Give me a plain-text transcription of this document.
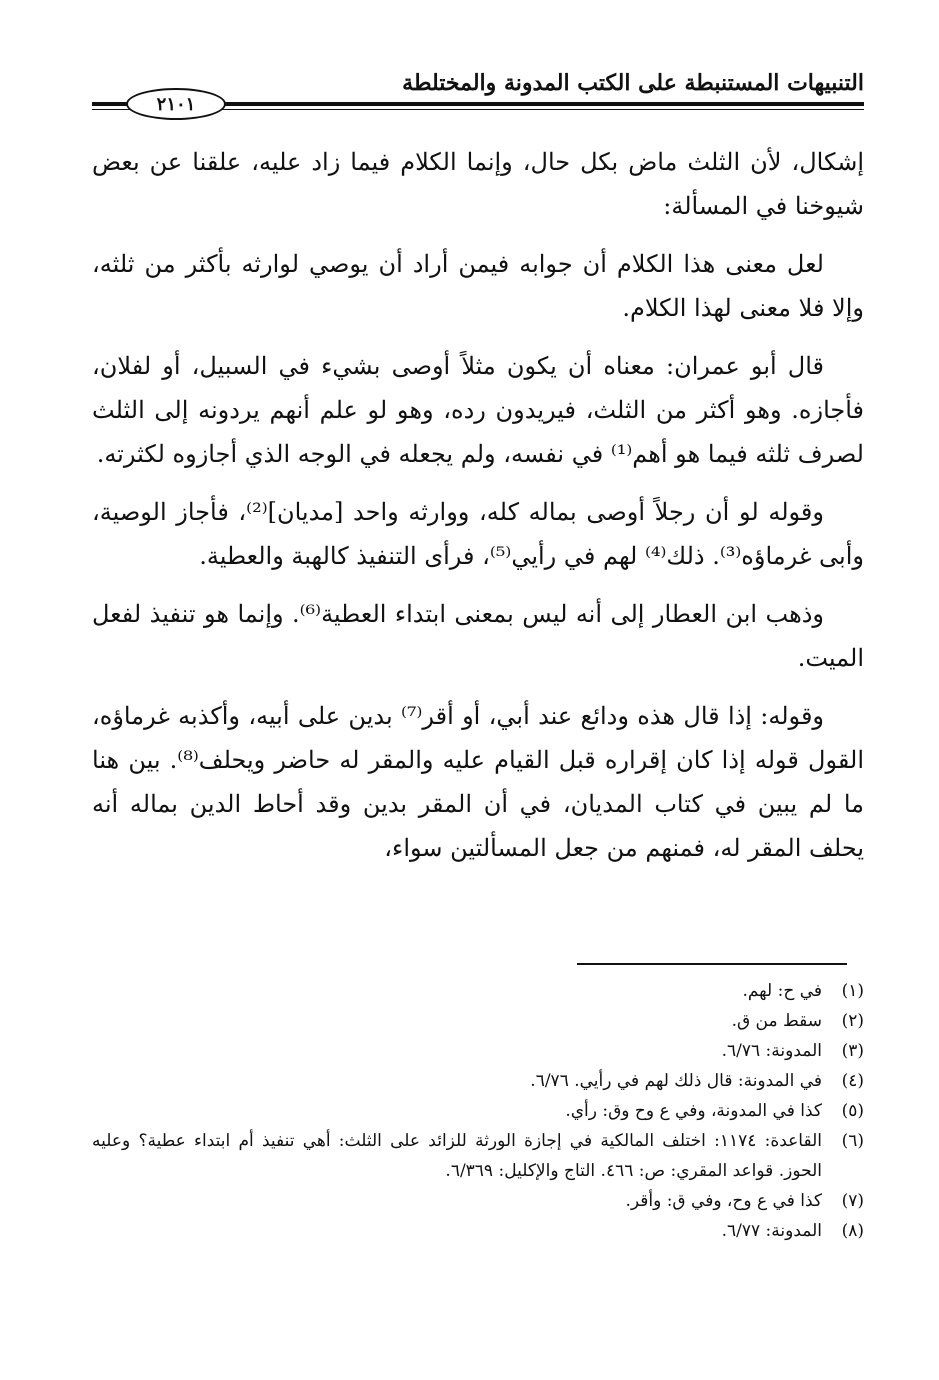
التنبيهات المستنبطة على الكتب المدونة والمختلطة
٢١٠١

إشكال، لأن الثلث ماض بكل حال، وإنما الكلام فيما زاد عليه، علقنا عن بعض شيوخنا في المسألة:

لعل معنى هذا الكلام أن جوابه فيمن أراد أن يوصي لوارثه بأكثر من ثلثه، وإلا فلا معنى لهذا الكلام.

قال أبو عمران: معناه أن يكون مثلاً أوصى بشيء في السبيل، أو لفلان، فأجازه. وهو أكثر من الثلث، فيريدون رده، وهو لو علم أنهم يردونه إلى الثلث لصرف ثلثه فيما هو أهم⁽¹⁾ في نفسه، ولم يجعله في الوجه الذي أجازوه لكثرته.

وقوله لو أن رجلاً أوصى بماله كله، ووارثه واحد [مديان]⁽²⁾، فأجاز الوصية، وأبى غرماؤه⁽³⁾. ذلك⁽⁴⁾ لهم في رأيي⁽⁵⁾، فرأى التنفيذ كالهبة والعطية.

وذهب ابن العطار إلى أنه ليس بمعنى ابتداء العطية⁽⁶⁾. وإنما هو تنفيذ لفعل الميت.

وقوله: إذا قال هذه ودائع عند أبي، أو أقر⁽⁷⁾ بدين على أبيه، وأكذبه غرماؤه، القول قوله إذا كان إقراره قبل القيام عليه والمقر له حاضر ويحلف⁽⁸⁾. بين هنا ما لم يبين في كتاب المديان، في أن المقر بدين وقد أحاط الدين بماله أنه يحلف المقر له، فمنهم من جعل المسألتين سواء،

(١)
في ح: لهم.
(٢)
سقط من ق.
(٣)
المدونة: ٦/٧٦.
(٤)
في المدونة: قال ذلك لهم في رأيي. ٦/٧٦.
(٥)
كذا في المدونة، وفي ع وح وق: رأي.
(٦)
القاعدة: ١١٧٤: اختلف المالكية في إجازة الورثة للزائد على الثلث: أهي تنفيذ أم ابتداء عطية؟ وعليه الحوز. قواعد المقري: ص: ٤٦٦. التاج والإكليل: ٦/٣٦٩.
(٧)
كذا في ع وح، وفي ق: وأقر.
(٨)
المدونة: ٦/٧٧.
